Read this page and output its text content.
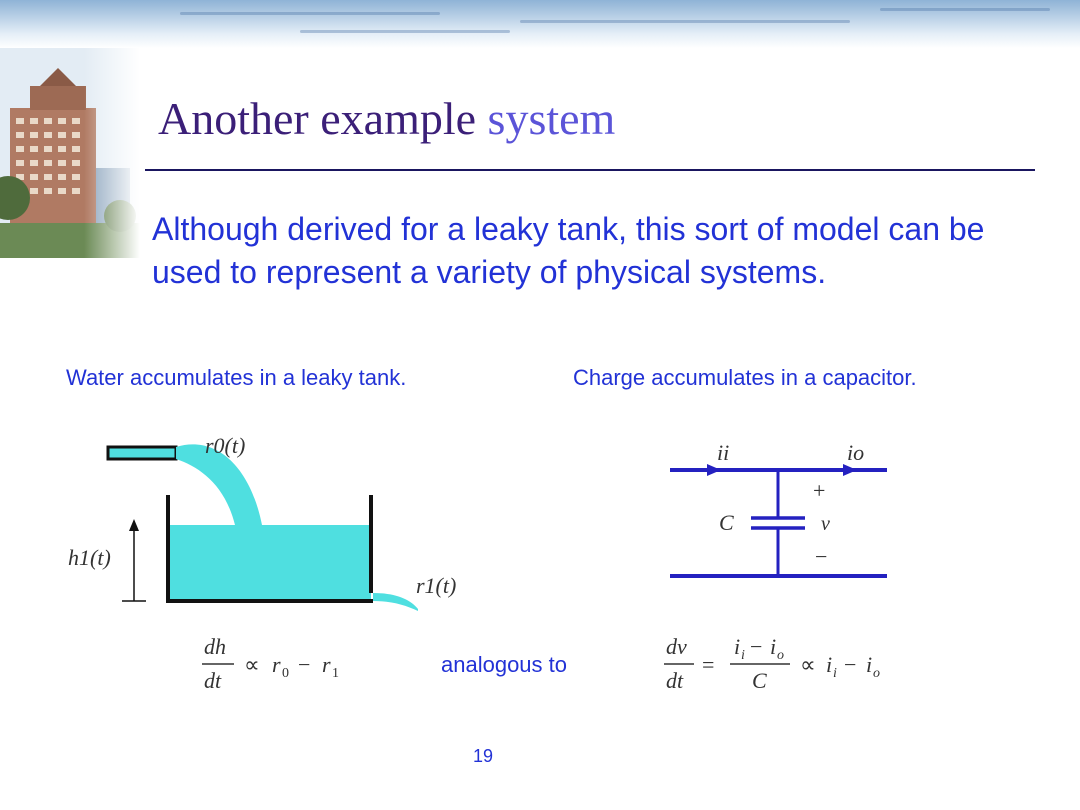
Another example system
Although derived for a leaky tank, this sort of model can be used to represent a variety of physical systems.
Water accumulates in a leaky tank.	Charge accumulates in a capacitor.
r0(t)
h1(t)
r1(t)
ii	io
C	v
+
−
dh
dt
∝ r 0 − r 1	analogous to
dv
dt
=
i i − i o
C
∝ i i − i o
19
